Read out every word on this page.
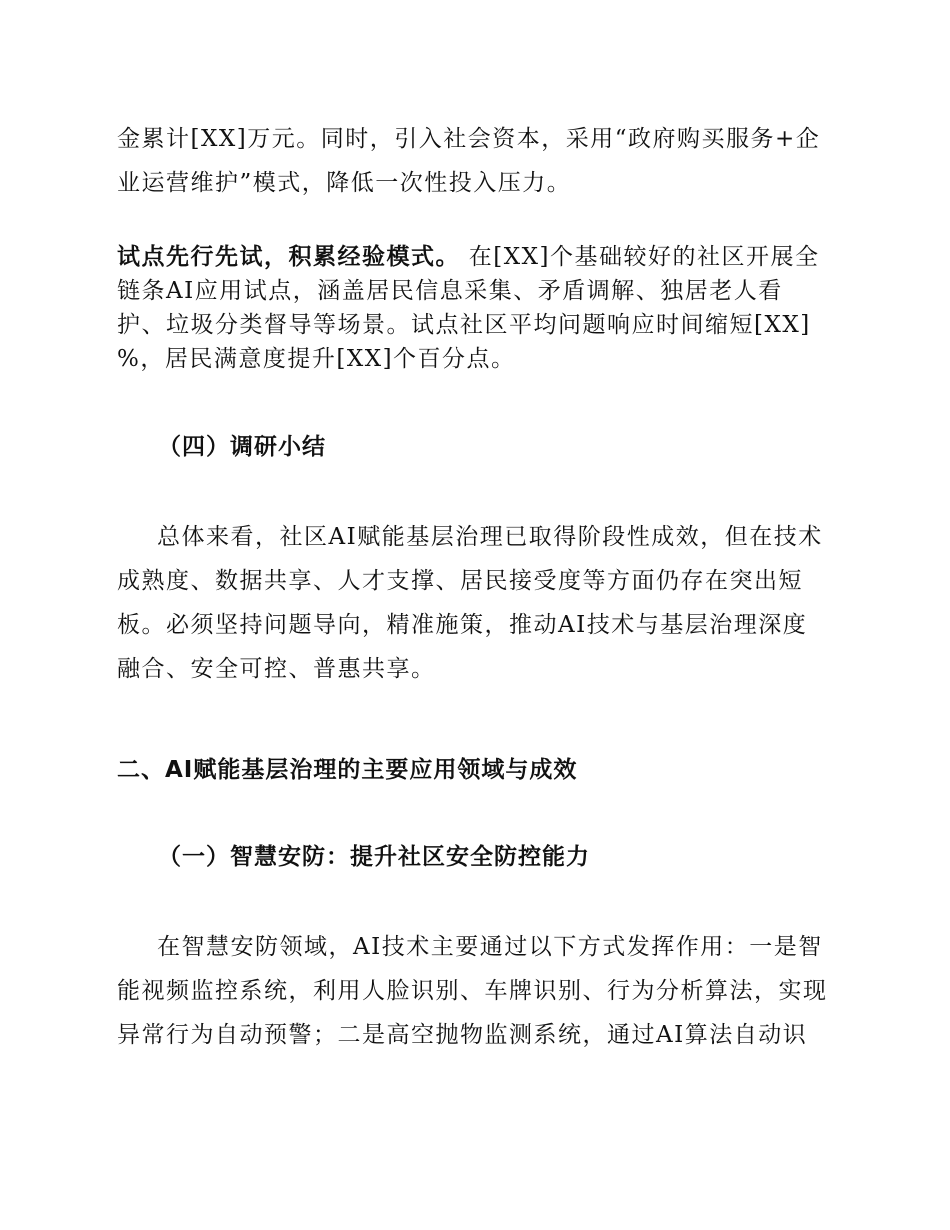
金累计[XX]万元。同时，引入社会资本，采用“政府购买服务+企
业运营维护”模式，降低一次性投入压力。

试点先行先试，积累经验模式。 在[XX]个基础较好的社区开展全
链条AI应用试点，涵盖居民信息采集、矛盾调解、独居老人看
护、垃圾分类督导等场景。试点社区平均问题响应时间缩短[XX]
%，居民满意度提升[XX]个百分点。

（四）调研小结

总体来看，社区AI赋能基层治理已取得阶段性成效，但在技术
成熟度、数据共享、人才支撑、居民接受度等方面仍存在突出短
板。必须坚持问题导向，精准施策，推动AI技术与基层治理深度
融合、安全可控、普惠共享。

二、AI赋能基层治理的主要应用领域与成效
（一）智慧安防：提升社区安全防控能力

在智慧安防领域，AI技术主要通过以下方式发挥作用：一是智
能视频监控系统，利用人脸识别、车牌识别、行为分析算法，实现
异常行为自动预警；二是高空抛物监测系统，通过AI算法自动识
